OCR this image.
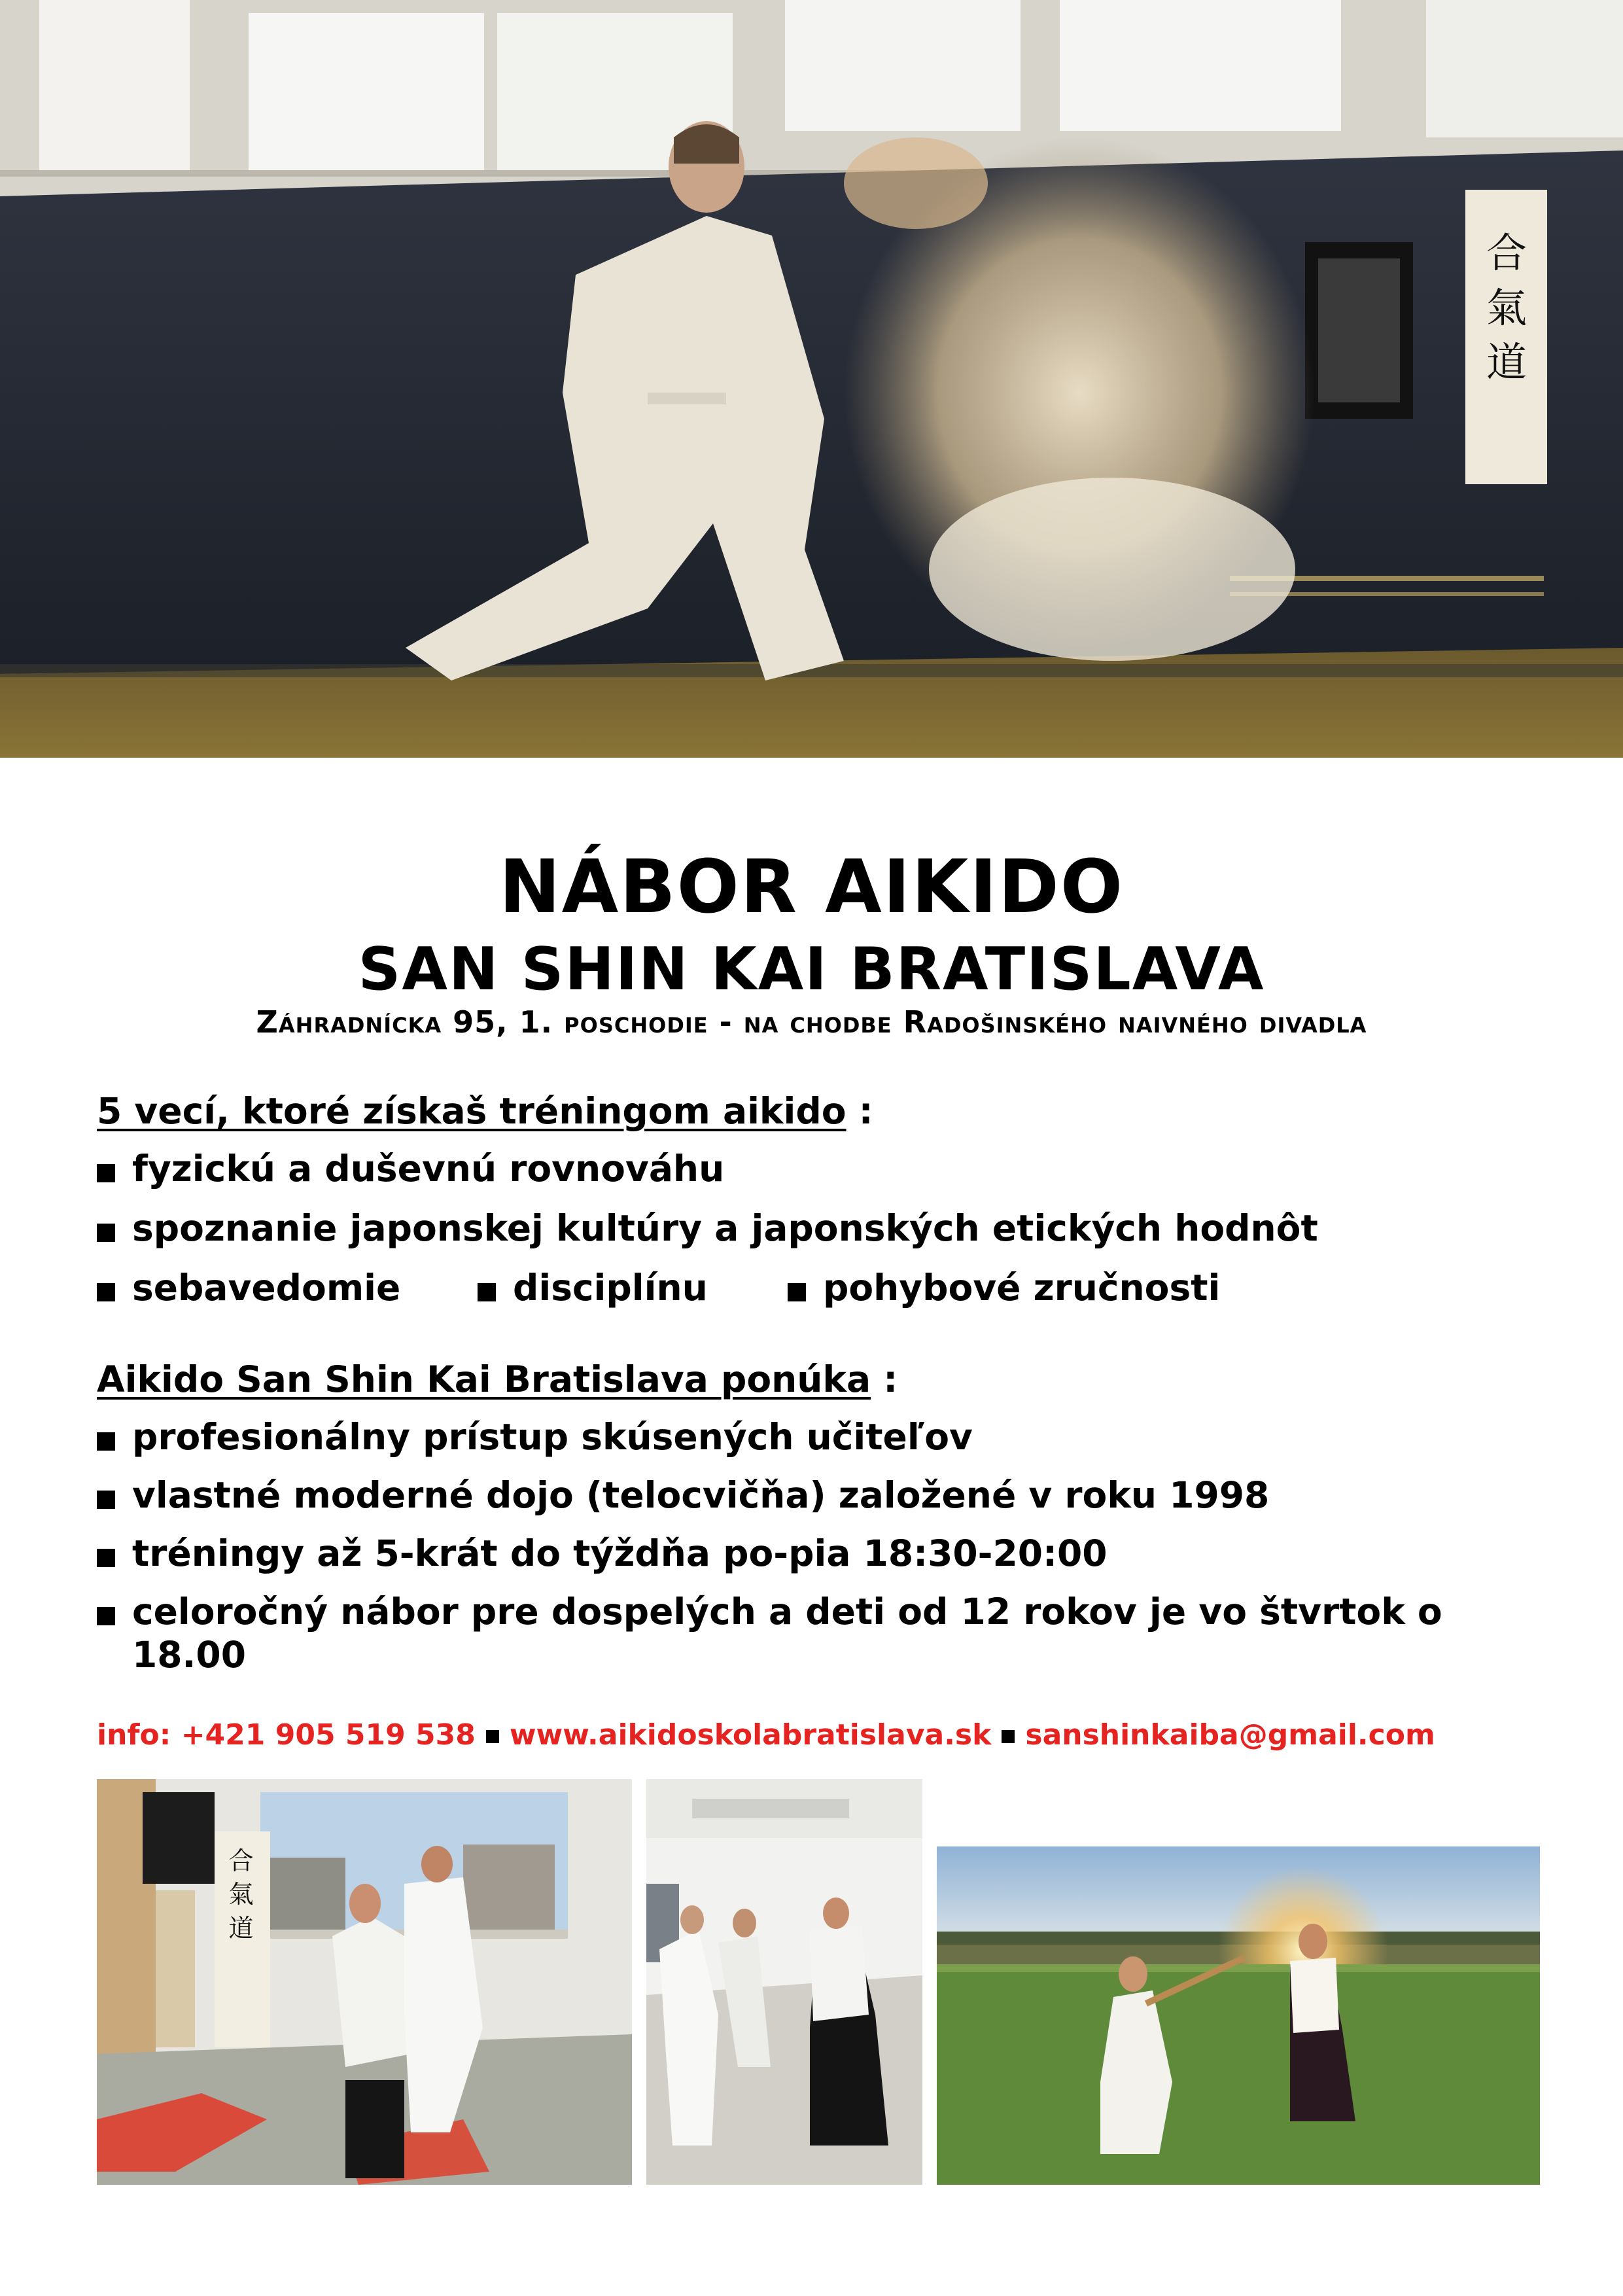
合氣道
NÁBOR AIKIDO
SAN SHIN KAI BRATISLAVA
Záhradnícka 95, 1. poschodie - na chodbe Radošinského naivného divadla
5 vecí, ktoré získaš tréningom aikido :
fyzickú a duševnú rovnováhu
spoznanie japonskej kultúry a japonských etických hodnôt
sebavedomie	disciplínu	pohybové zručnosti
Aikido San Shin Kai Bratislava ponúka :
profesionálny prístup skúsených učiteľov
vlastné moderné dojo (telocvičňa) založené v roku 1998
tréningy až 5-krát do týždňa po-pia 18:30-20:00
celoročný nábor pre dospelých a deti od 12 rokov je vo štvrtok o 18.00
info: +421 905 519 538 www.aikidoskolabratislava.sk sanshinkaiba@gmail.com
合氣道
